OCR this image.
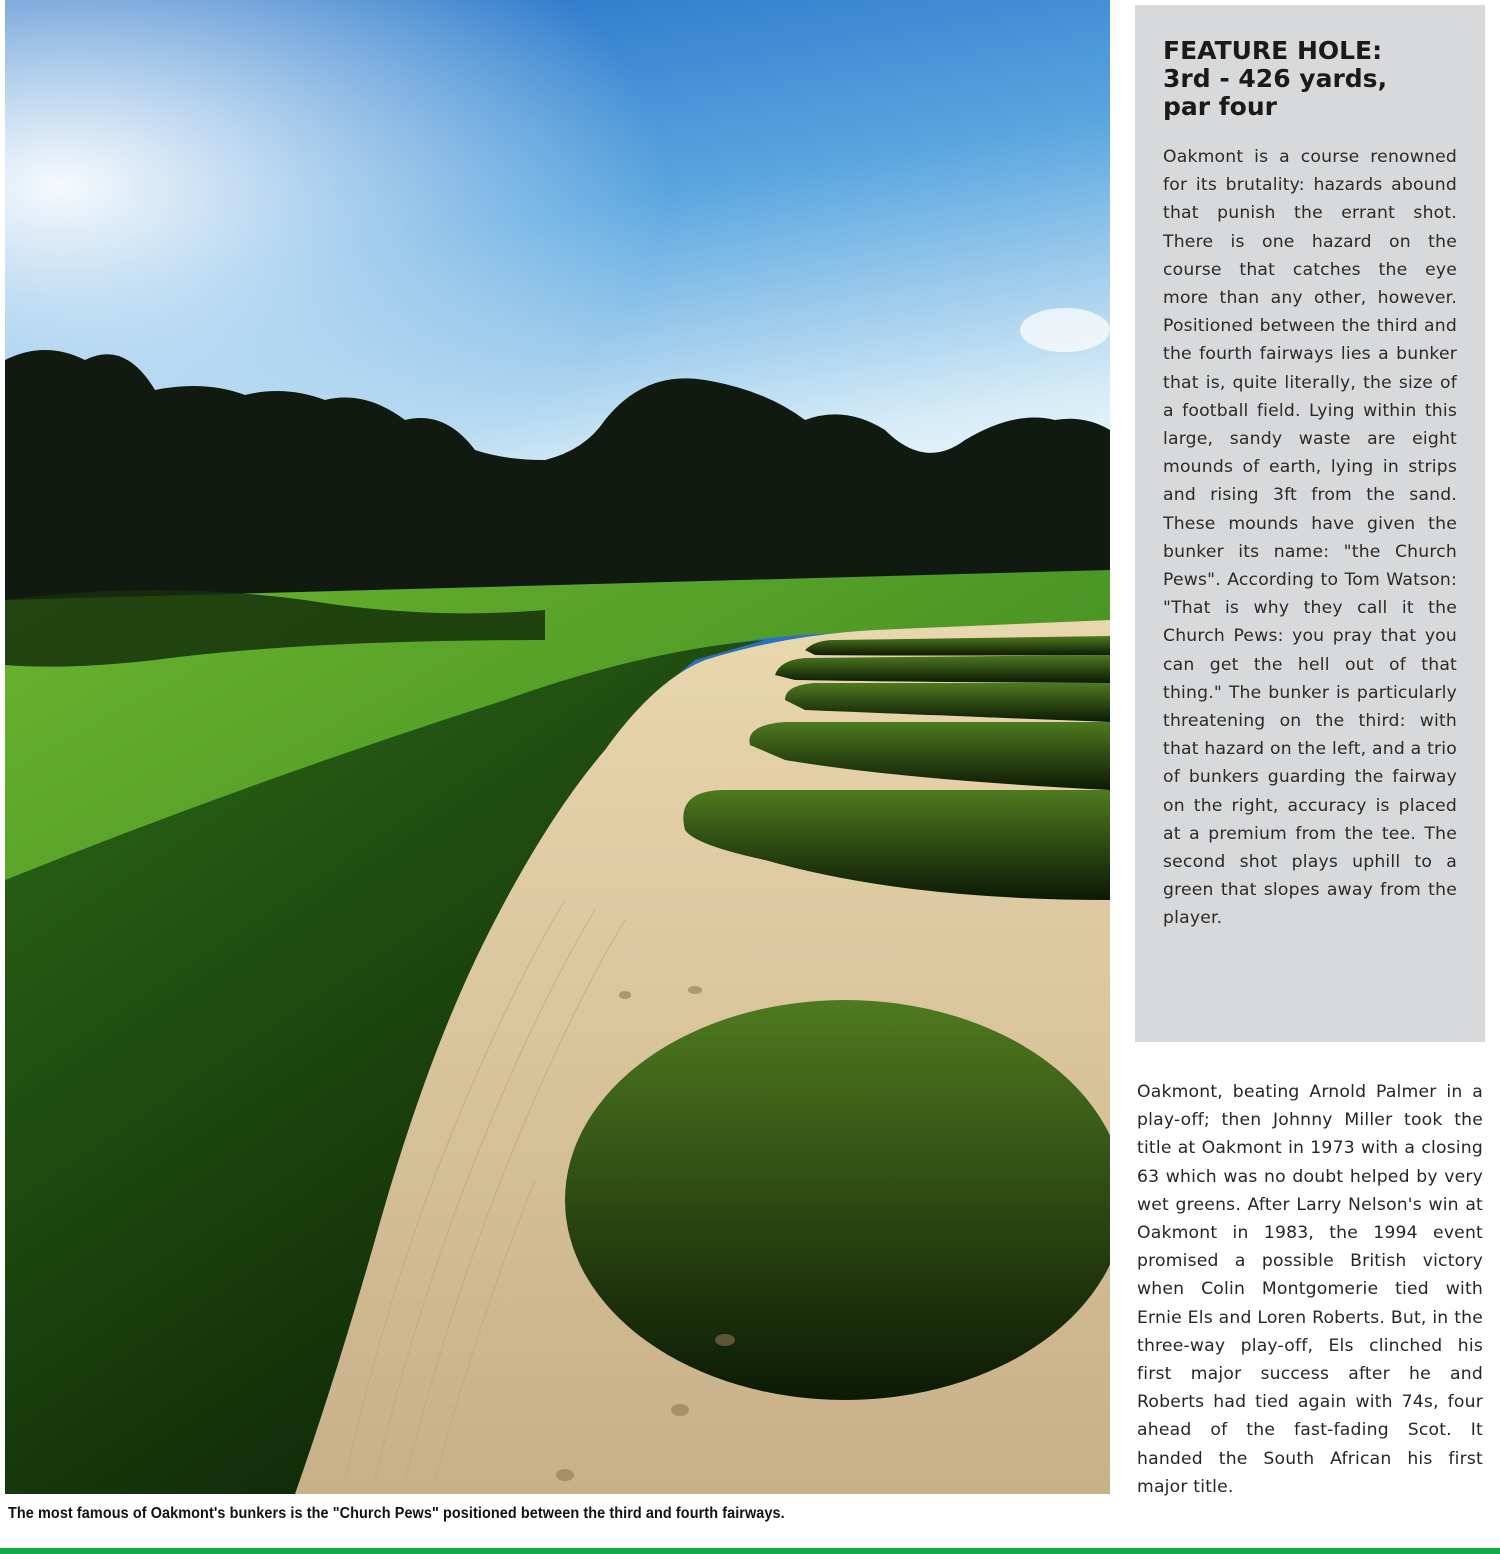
The most famous of Oakmont's bunkers is the "Church Pews" positioned between the third and fourth fairways.
FEATURE HOLE:
3rd - 426 yards,
par four

Oakmont is a course renowned for its brutality: hazards abound that punish the errant shot. There is one hazard on the course that catches the eye more than any other, however. Positioned between the third and the fourth fairways lies a bunker that is, quite literally, the size of a football field. Lying within this large, sandy waste are eight mounds of earth, lying in strips and rising 3ft from the sand. These mounds have given the bunker its name: "the Church Pews". According to Tom Watson: "That is why they call it the Church Pews: you pray that you can get the hell out of that thing." The bunker is particularly threatening on the third: with that hazard on the left, and a trio of bunkers guarding the fairway on the right, accuracy is placed at a premium from the tee. The second shot plays uphill to a green that slopes away from the player.

Oakmont, beating Arnold Palmer in a play-off; then Johnny Miller took the title at Oakmont in 1973 with a closing 63 which was no doubt helped by very wet greens. After Larry Nelson's win at Oakmont in 1983, the 1994 event promised a possible British victory when Colin Montgomerie tied with Ernie Els and Loren Roberts. But, in the three-way play-off, Els clinched his first major success after he and Roberts had tied again with 74s, four ahead of the fast-fading Scot. It handed the South African his first major title.
